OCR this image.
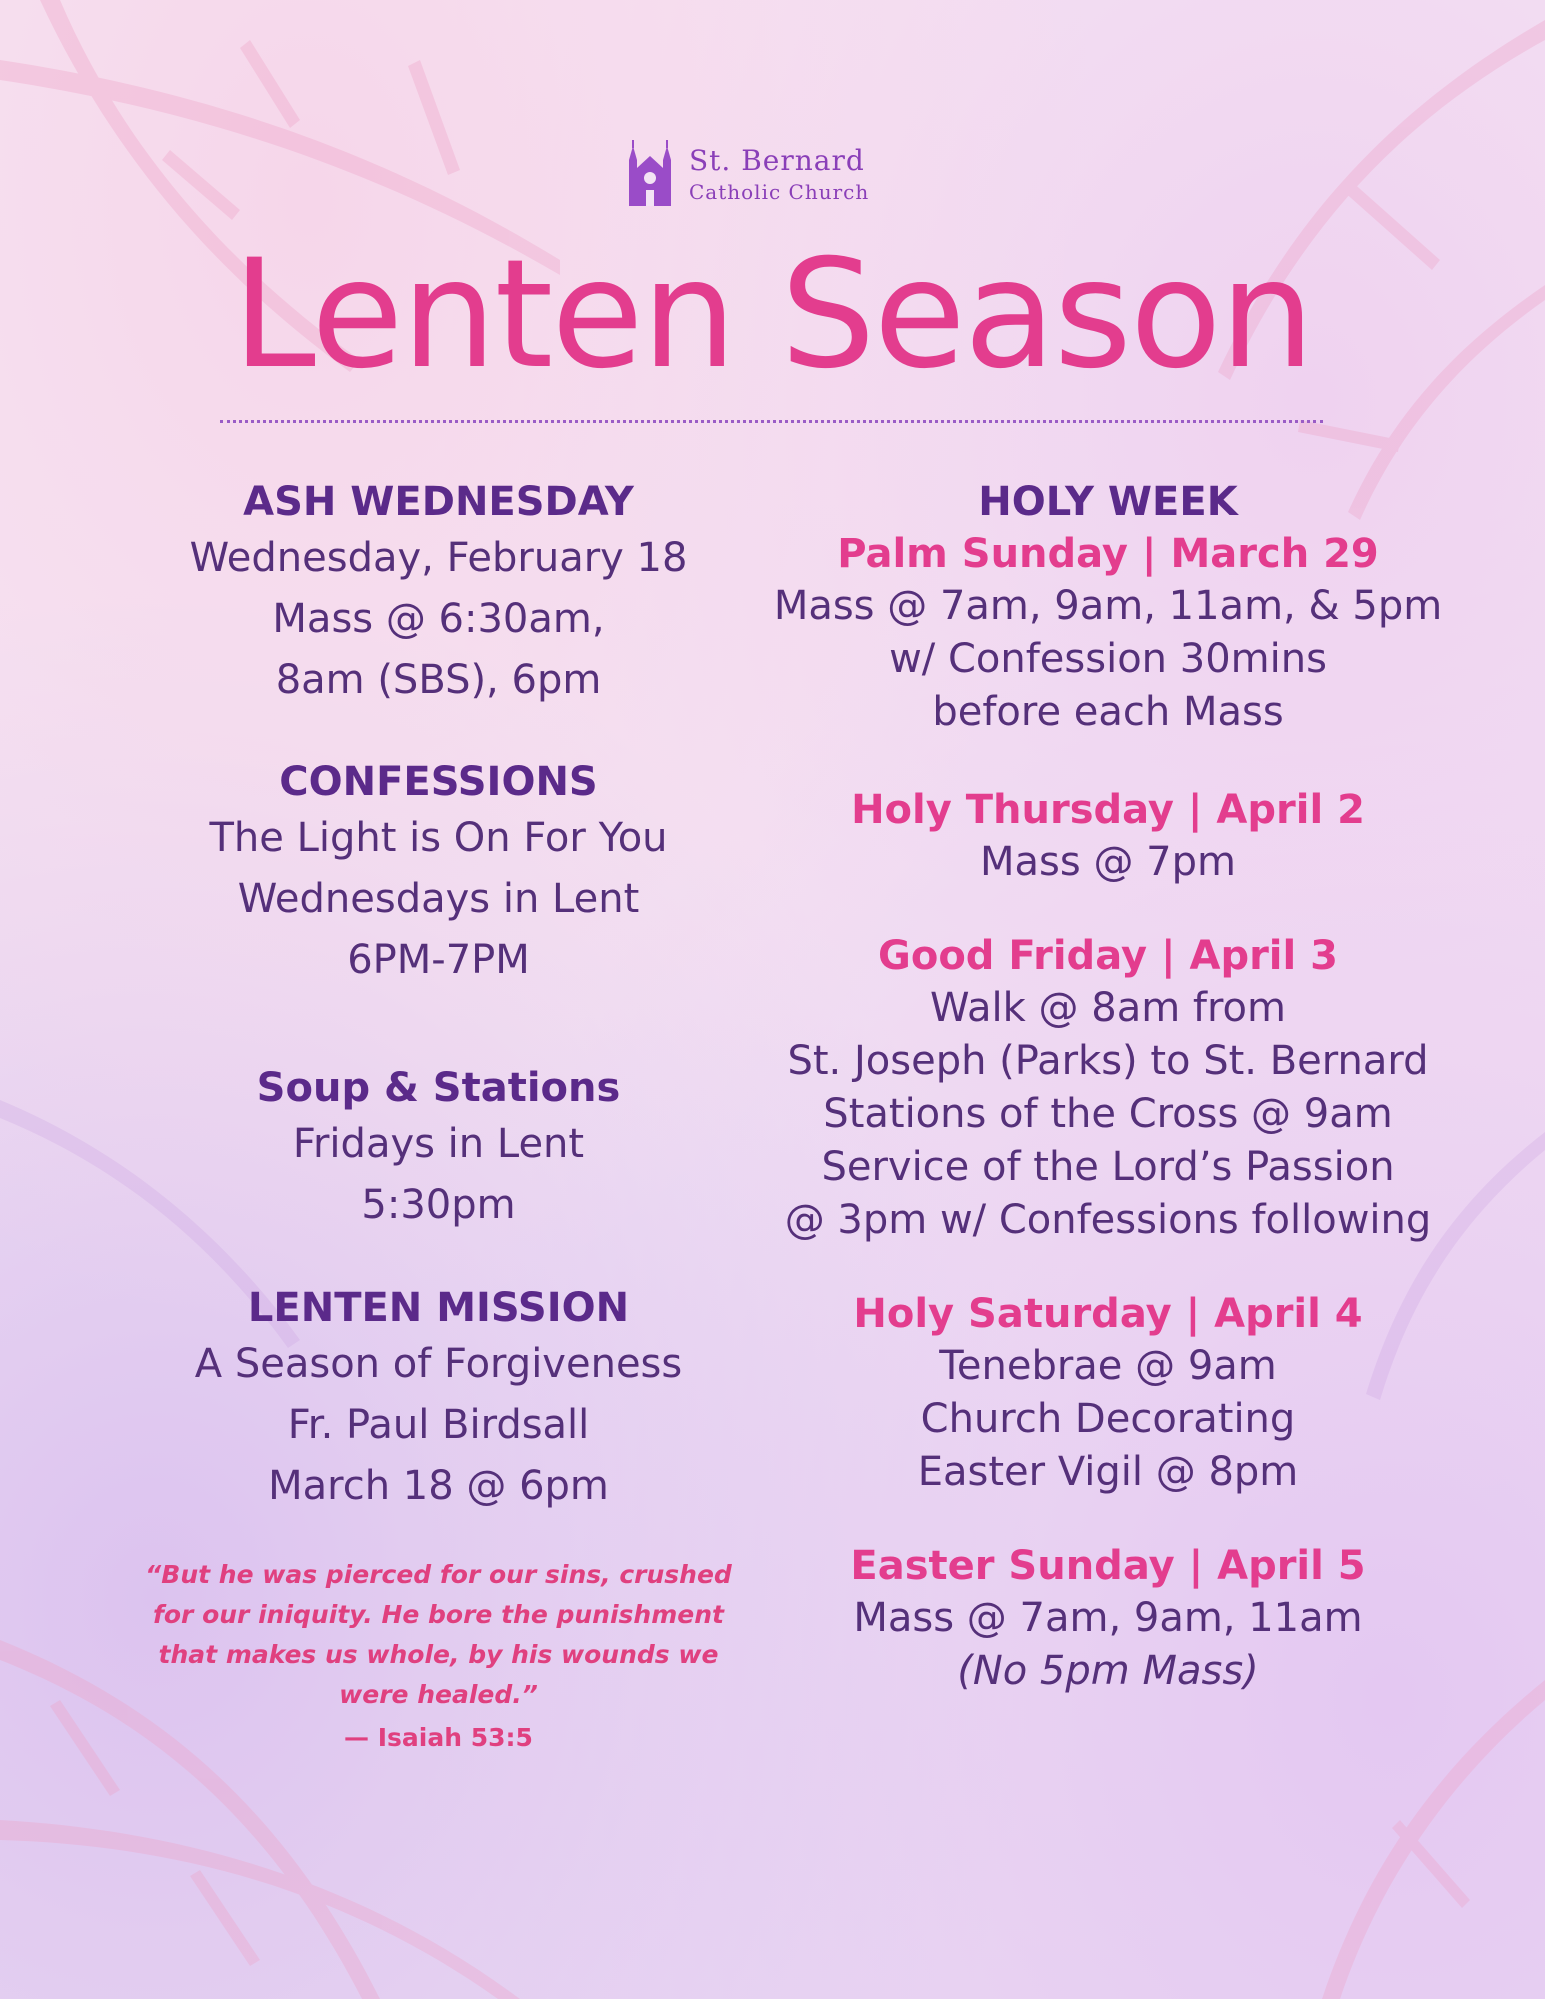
St. Bernard
Catholic Church
Lenten Season
ASH WEDNESDAY
Wednesday, February 18
Mass @ 6:30am,
8am (SBS), 6pm
CONFESSIONS
The Light is On For You
Wednesdays in Lent
6PM-7PM
Soup & Stations
Fridays in Lent
5:30pm
LENTEN MISSION
A Season of Forgiveness
Fr. Paul Birdsall
March 18 @ 6pm
“But he was pierced for our sins, crushed for our iniquity. He bore the punishment that makes us whole, by his wounds we were healed.”
— Isaiah 53:5
HOLY WEEK
Palm Sunday | March 29
Mass @ 7am, 9am, 11am, & 5pm
w/ Confession 30mins
before each Mass
Holy Thursday | April 2
Mass @ 7pm
Good Friday | April 3
Walk @ 8am from
St. Joseph (Parks) to St. Bernard
Stations of the Cross @ 9am
Service of the Lord’s Passion
@ 3pm w/ Confessions following
Holy Saturday | April 4
Tenebrae @ 9am
Church Decorating
Easter Vigil @ 8pm
Easter Sunday | April 5
Mass @ 7am, 9am, 11am
(No 5pm Mass)
